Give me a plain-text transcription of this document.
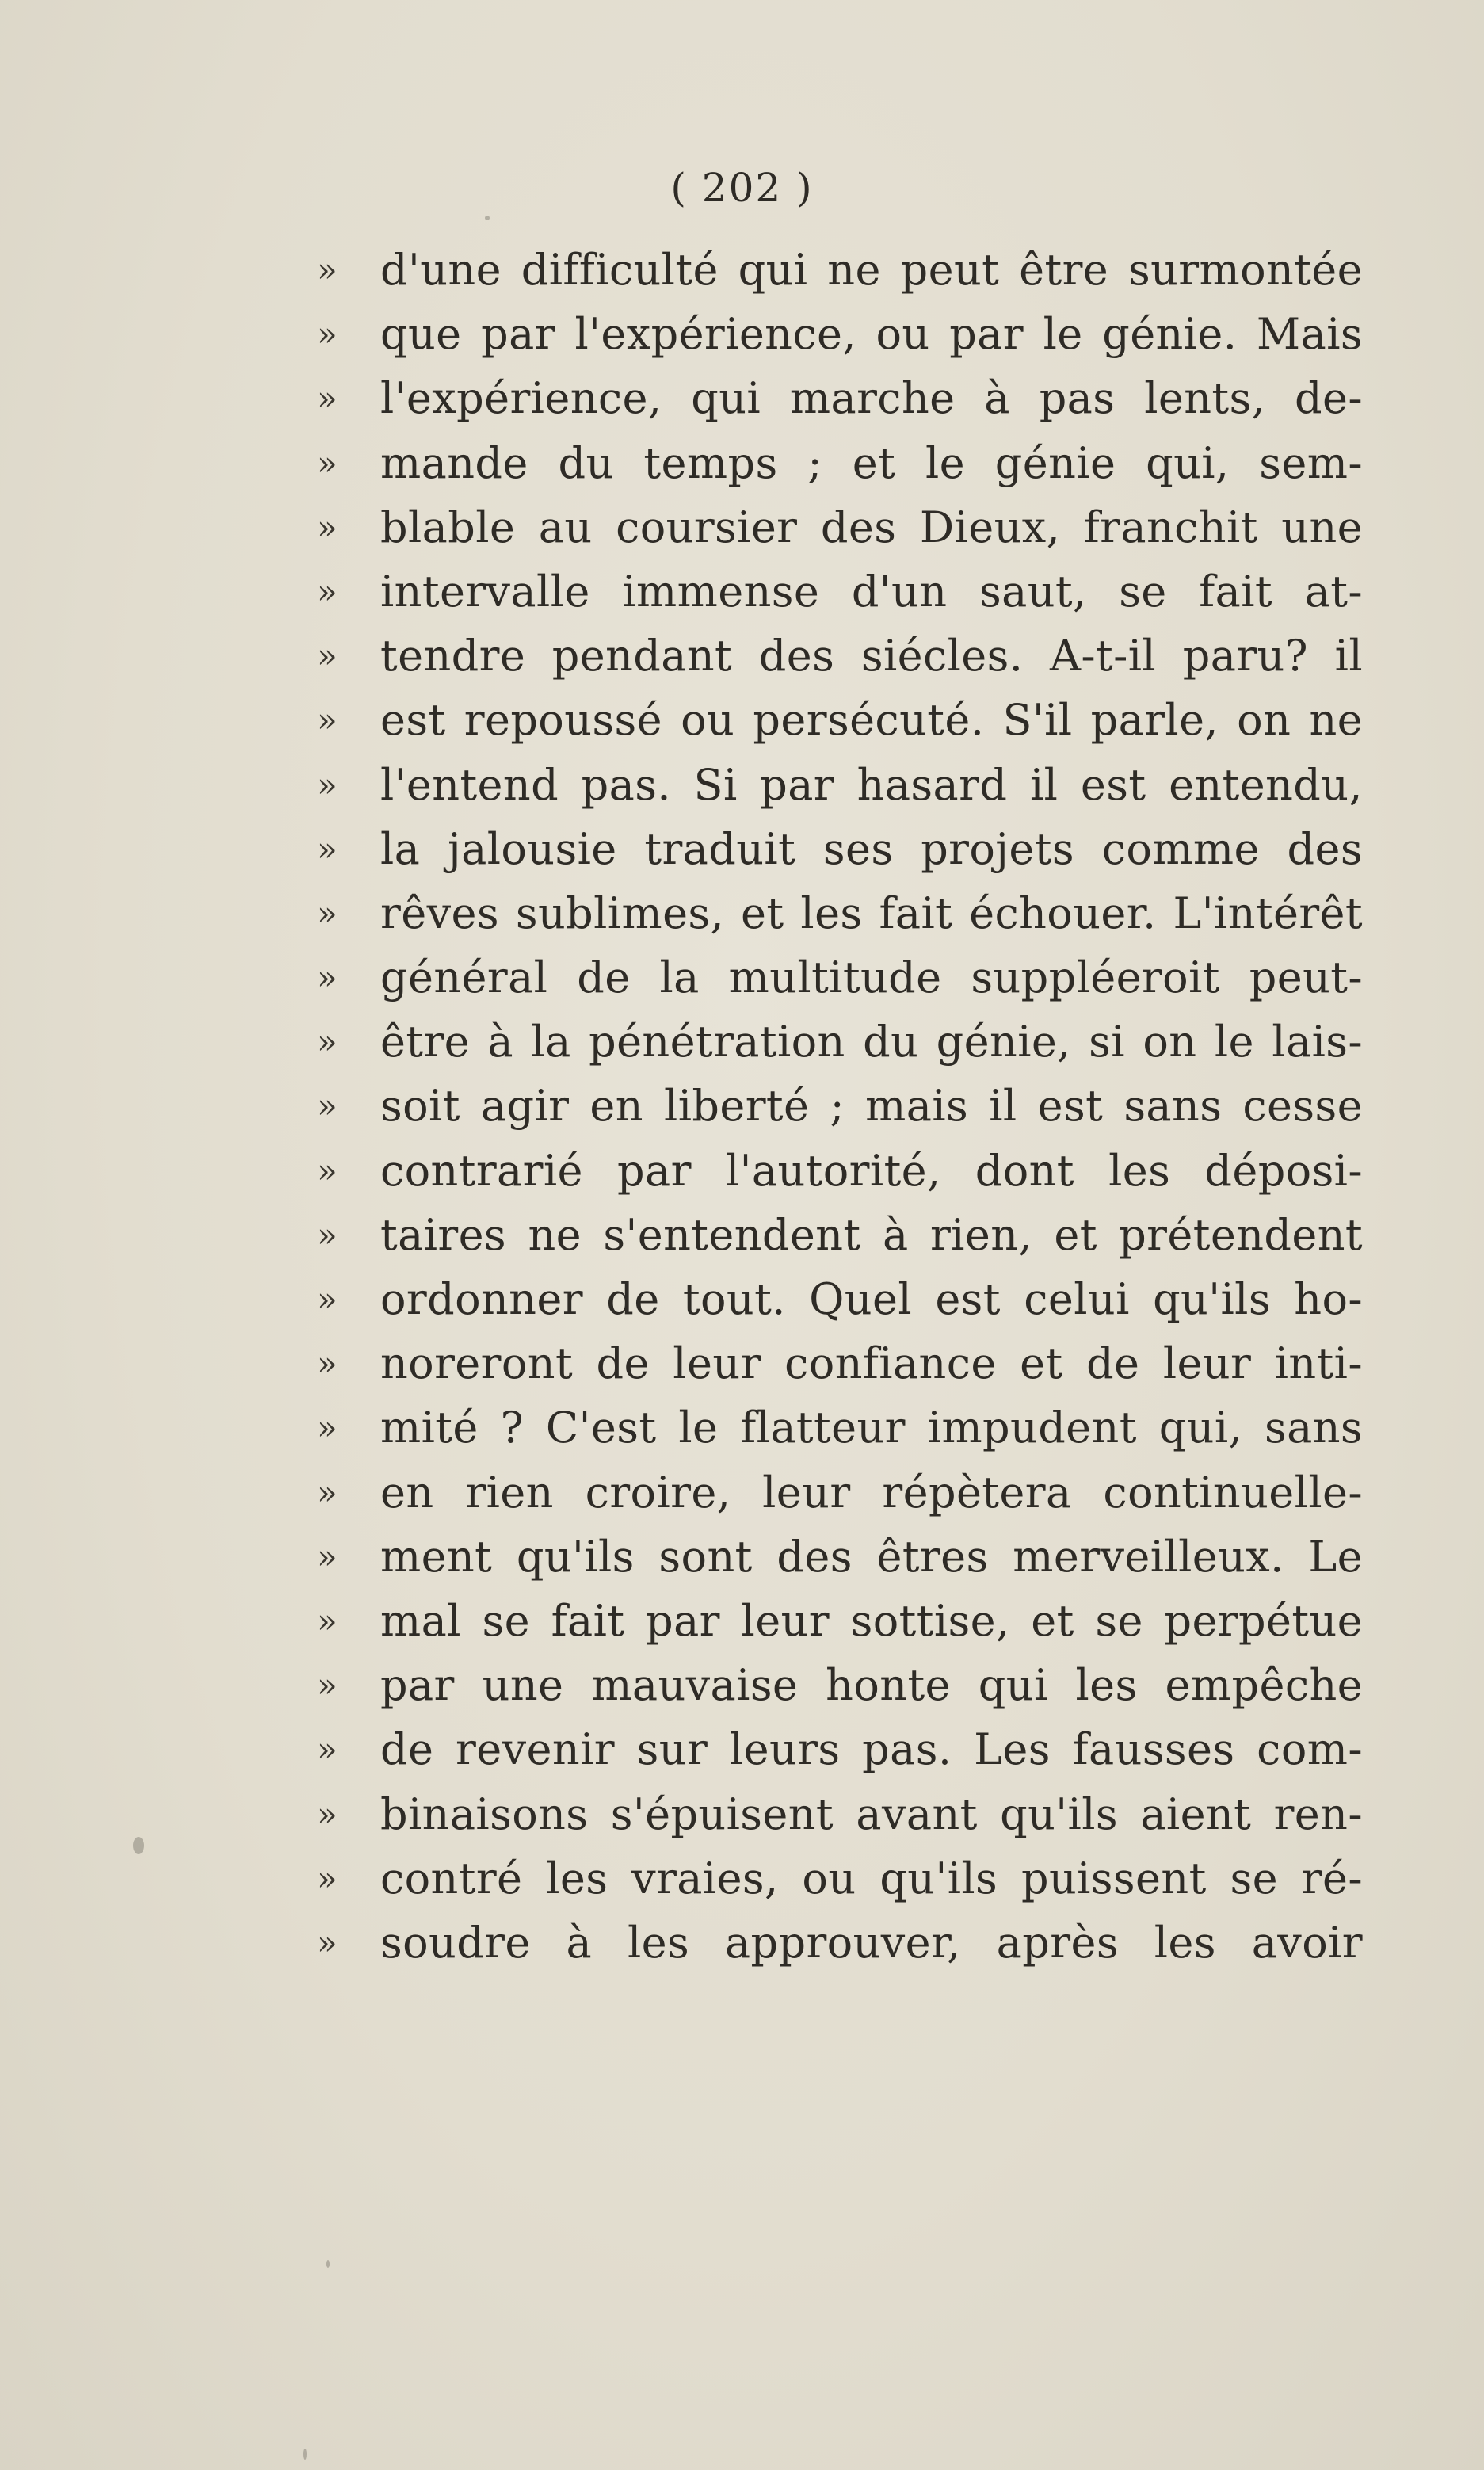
( 202 )
»	d'une difficulté qui ne peut être surmontée
»	que par l'expérience, ou par le génie. Mais
»	l'expérience, qui marche à pas lents, de-
»	mande du temps ; et le génie qui, sem-
»	blable au coursier des Dieux, franchit une
»	intervalle immense d'un saut, se fait at-
»	tendre pendant des siécles. A-t-il paru? il
»	est repoussé ou persécuté. S'il parle, on ne
»	l'entend pas. Si par hasard il est entendu,
»	la jalousie traduit ses projets comme des
»	rêves sublimes, et les fait échouer. L'intérêt
»	général de la multitude suppléeroit peut-
»	être à la pénétration du génie, si on le lais-
»	soit agir en liberté ; mais il est sans cesse
»	contrarié par l'autorité, dont les déposi-
»	taires ne s'entendent à rien, et prétendent
»	ordonner de tout. Quel est celui qu'ils ho-
»	noreront de leur confiance et de leur inti-
»	mité ? C'est le flatteur impudent qui, sans
»	en rien croire, leur répètera continuelle-
»	ment qu'ils sont des êtres merveilleux. Le
»	mal se fait par leur sottise, et se perpétue
»	par une mauvaise honte qui les empêche
»	de revenir sur leurs pas. Les fausses com-
»	binaisons s'épuisent avant qu'ils aient ren-
»	contré les vraies, ou qu'ils puissent se ré-
»	soudre à les approuver, après les avoir
